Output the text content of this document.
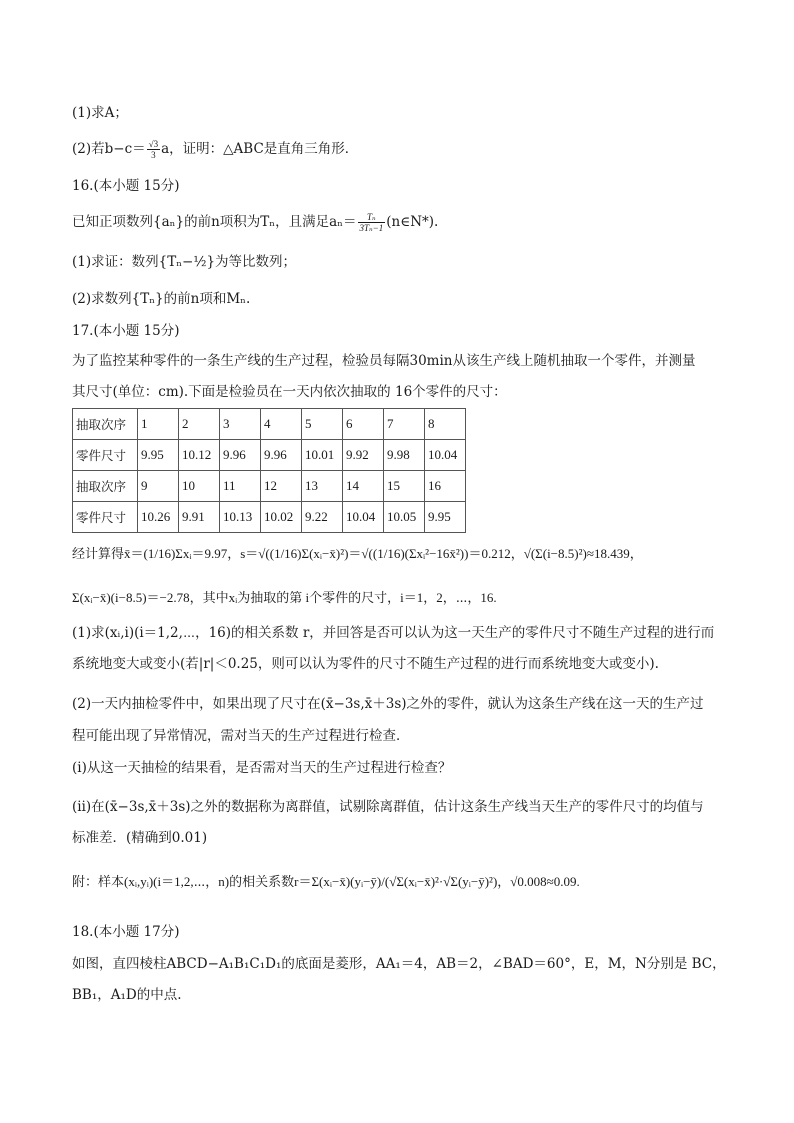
(1)求A；
(2)若$b-c= \frac{√3}{3}$ a，证明：△ABC是直角三角形．
16.(本小题 15分)
已知正项数列{aₙ}的前n项积为Tₙ，且满足$a_n= \frac{\text{Tₙ}}{\text{3Tₙ−1}}$ (n∈N*).
(1)求证：数列{Tₙ−½}为等比数列；
(2)求数列{Tₙ}的前n项和Mₙ.
17.(本小题 15分)
为了监控某种零件的一条生产线的生产过程，检验员每隔30min从该生产线上随机抽取一个零件，并测量
其尺寸(单位：cm).下面是检验员在一天内依次抽取的 16个零件的尺寸：
抽取次序	1	2	3	4	5	6	7	8
零件尺寸	9.95	10.12	9.96	9.96	10.01	9.92	9.98	10.04
抽取次序	9	10	11	12	13	14	15	16
零件尺寸	10.26	9.91	10.13	10.02	9.22	10.04	10.05	9.95
经计算得x̄＝(1/16)Σxᵢ＝9.97，s＝√((1/16)Σ(xᵢ−x̄)²)＝√((1/16)(Σxᵢ²−16x̄²))＝0.212，√(Σ(i−8.5)²)≈18.439，
Σ(xᵢ−x̄)(i−8.5)＝−2.78，其中xᵢ为抽取的第 i个零件的尺寸，i＝1，2，⋯，16.
(1)求(xᵢ,i)(i＝1,2,⋯，16)的相关系数 r，并回答是否可以认为这一天生产的零件尺寸不随生产过程的进行而
系统地变大或变小(若|r|＜0.25，则可以认为零件的尺寸不随生产过程的进行而系统地变大或变小).
(2)一天内抽检零件中，如果出现了尺寸在(x̄−3s,x̄＋3s)之外的零件，就认为这条生产线在这一天的生产过
程可能出现了异常情况，需对当天的生产过程进行检查．
(ⅰ)从这一天抽检的结果看，是否需对当天的生产过程进行检查？
(ⅱ)在(x̄−3s,x̄＋3s)之外的数据称为离群值，试剔除离群值，估计这条生产线当天生产的零件尺寸的均值与
标准差．(精确到0.01)
附：样本(xᵢ,yᵢ)(i＝1,2,⋯，n)的相关系数r＝Σ(xᵢ−x̄)(yᵢ−ȳ)/(√Σ(xᵢ−x̄)²·√Σ(yᵢ−ȳ)²)，√0.008≈0.09.
18.(本小题 17分)
如图，直四棱柱ABCD−A₁B₁C₁D₁的底面是菱形，AA₁＝4，AB＝2，∠BAD＝60°，E，M，N分别是 BC，
BB₁，A₁D的中点.
